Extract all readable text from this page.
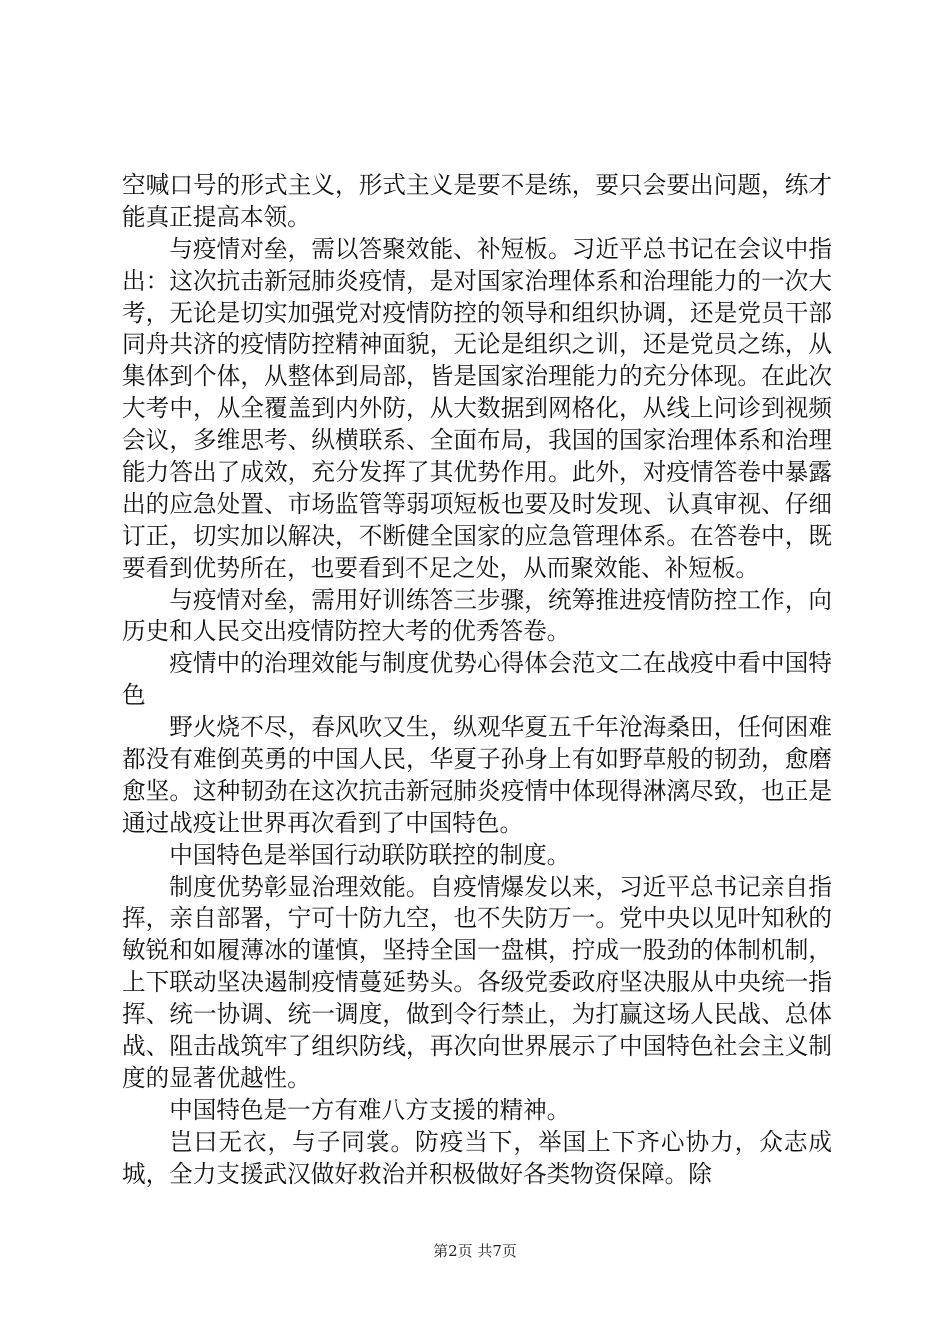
空喊口号的形式主义，形式主义是要不是练，要只会要出问题，练才能真正提高本领。

与疫情对垒，需以答聚效能、补短板。习近平总书记在会议中指出：这次抗击新冠肺炎疫情，是对国家治理体系和治理能力的一次大考，无论是切实加强党对疫情防控的领导和组织协调，还是党员干部同舟共济的疫情防控精神面貌，无论是组织之训，还是党员之练，从集体到个体，从整体到局部，皆是国家治理能力的充分体现。在此次大考中，从全覆盖到内外防，从大数据到网格化，从线上问诊到视频会议，多维思考、纵横联系、全面布局，我国的国家治理体系和治理能力答出了成效，充分发挥了其优势作用。此外，对疫情答卷中暴露出的应急处置、市场监管等弱项短板也要及时发现、认真审视、仔细订正，切实加以解决，不断健全国家的应急管理体系。在答卷中，既要看到优势所在，也要看到不足之处，从而聚效能、补短板。

与疫情对垒，需用好训练答三步骤，统筹推进疫情防控工作，向历史和人民交出疫情防控大考的优秀答卷。

疫情中的治理效能与制度优势心得体会范文二在战疫中看中国特色

野火烧不尽，春风吹又生，纵观华夏五千年沧海桑田，任何困难都没有难倒英勇的中国人民，华夏子孙身上有如野草般的韧劲，愈磨愈坚。这种韧劲在这次抗击新冠肺炎疫情中体现得淋漓尽致，也正是通过战疫让世界再次看到了中国特色。

中国特色是举国行动联防联控的制度。

制度优势彰显治理效能。自疫情爆发以来，习近平总书记亲自指挥，亲自部署，宁可十防九空，也不失防万一。党中央以见叶知秋的敏锐和如履薄冰的谨慎，坚持全国一盘棋，拧成一股劲的体制机制，上下联动坚决遏制疫情蔓延势头。各级党委政府坚决服从中央统一指挥、统一协调、统一调度，做到令行禁止，为打赢这场人民战、总体战、阻击战筑牢了组织防线，再次向世界展示了中国特色社会主义制度的显著优越性。

中国特色是一方有难八方支援的精神。

岂曰无衣，与子同裳。防疫当下，举国上下齐心协力，众志成城，全力支援武汉做好救治并积极做好各类物资保障。除

第2页 共7页
